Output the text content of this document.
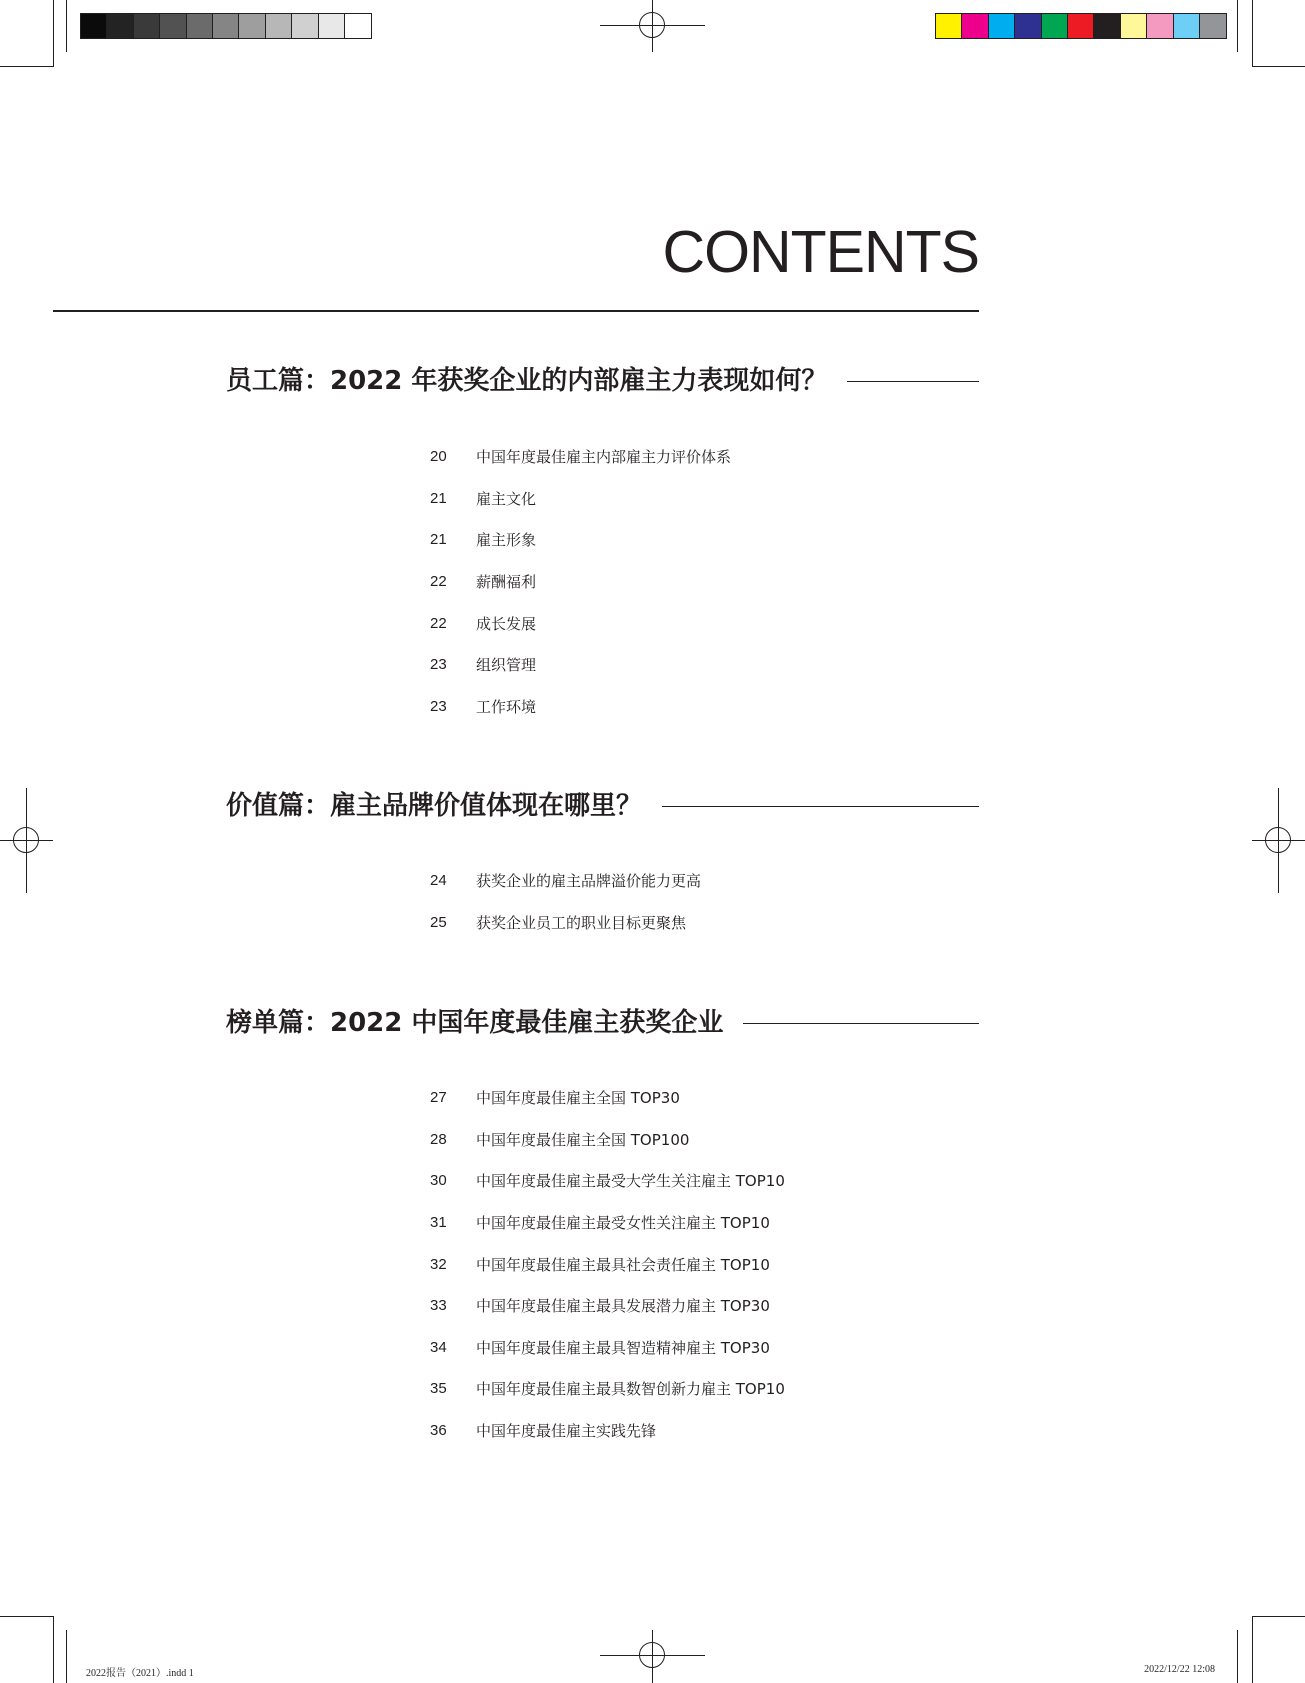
CONTENTS
员工篇：2022 年获奖企业的内部雇主力表现如何？
20	中国年度最佳雇主内部雇主力评价体系
21	雇主文化
21	雇主形象
22	薪酬福利
22	成长发展
23	组织管理
23	工作环境
价值篇：雇主品牌价值体现在哪里？
24	获奖企业的雇主品牌溢价能力更高
25	获奖企业员工的职业目标更聚焦
榜单篇：2022 中国年度最佳雇主获奖企业
27	中国年度最佳雇主全国 TOP30
28	中国年度最佳雇主全国 TOP100
30	中国年度最佳雇主最受大学生关注雇主 TOP10
31	中国年度最佳雇主最受女性关注雇主 TOP10
32	中国年度最佳雇主最具社会责任雇主 TOP10
33	中国年度最佳雇主最具发展潜力雇主 TOP30
34	中国年度最佳雇主最具智造精神雇主 TOP30
35	中国年度最佳雇主最具数智创新力雇主 TOP10
36	中国年度最佳雇主实践先锋
2022报告（2021）.indd 1	2022/12/22 12:08
